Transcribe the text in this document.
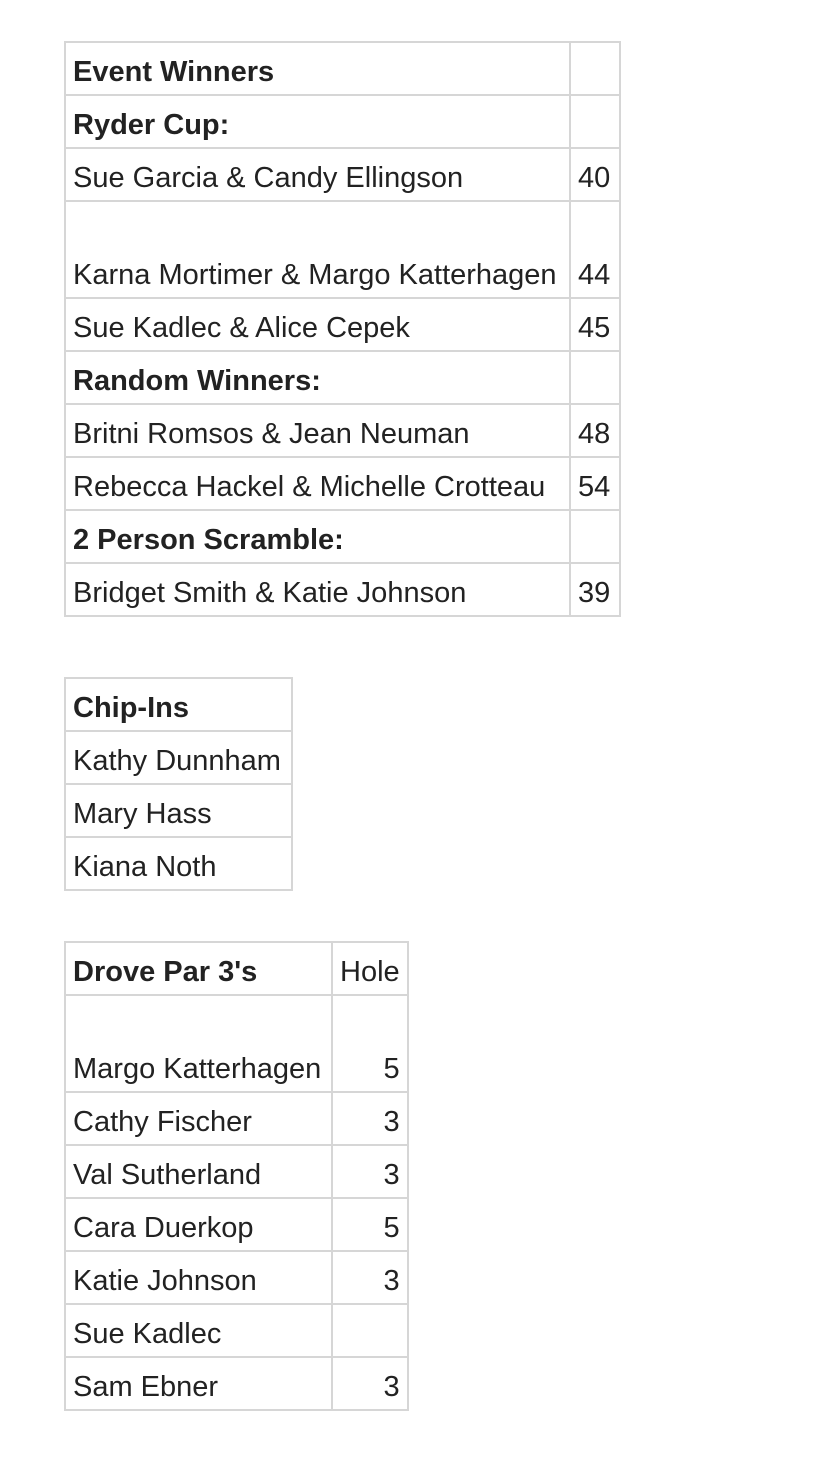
Event Winners	
Ryder Cup:	
Sue Garcia & Candy Ellingson	40
Karna Mortimer & Margo Katterhagen	44
Sue Kadlec & Alice Cepek	45
Random Winners:	
Britni Romsos & Jean Neuman	48
Rebecca Hackel & Michelle Crotteau	54
2 Person Scramble:	
Bridget Smith & Katie Johnson	39
Chip-Ins
Kathy Dunnham
Mary Hass
Kiana Noth
Drove Par 3's	Hole
Margo Katterhagen	5
Cathy Fischer	3
Val Sutherland	3
Cara Duerkop	5
Katie Johnson	3
Sue Kadlec	
Sam Ebner	3
